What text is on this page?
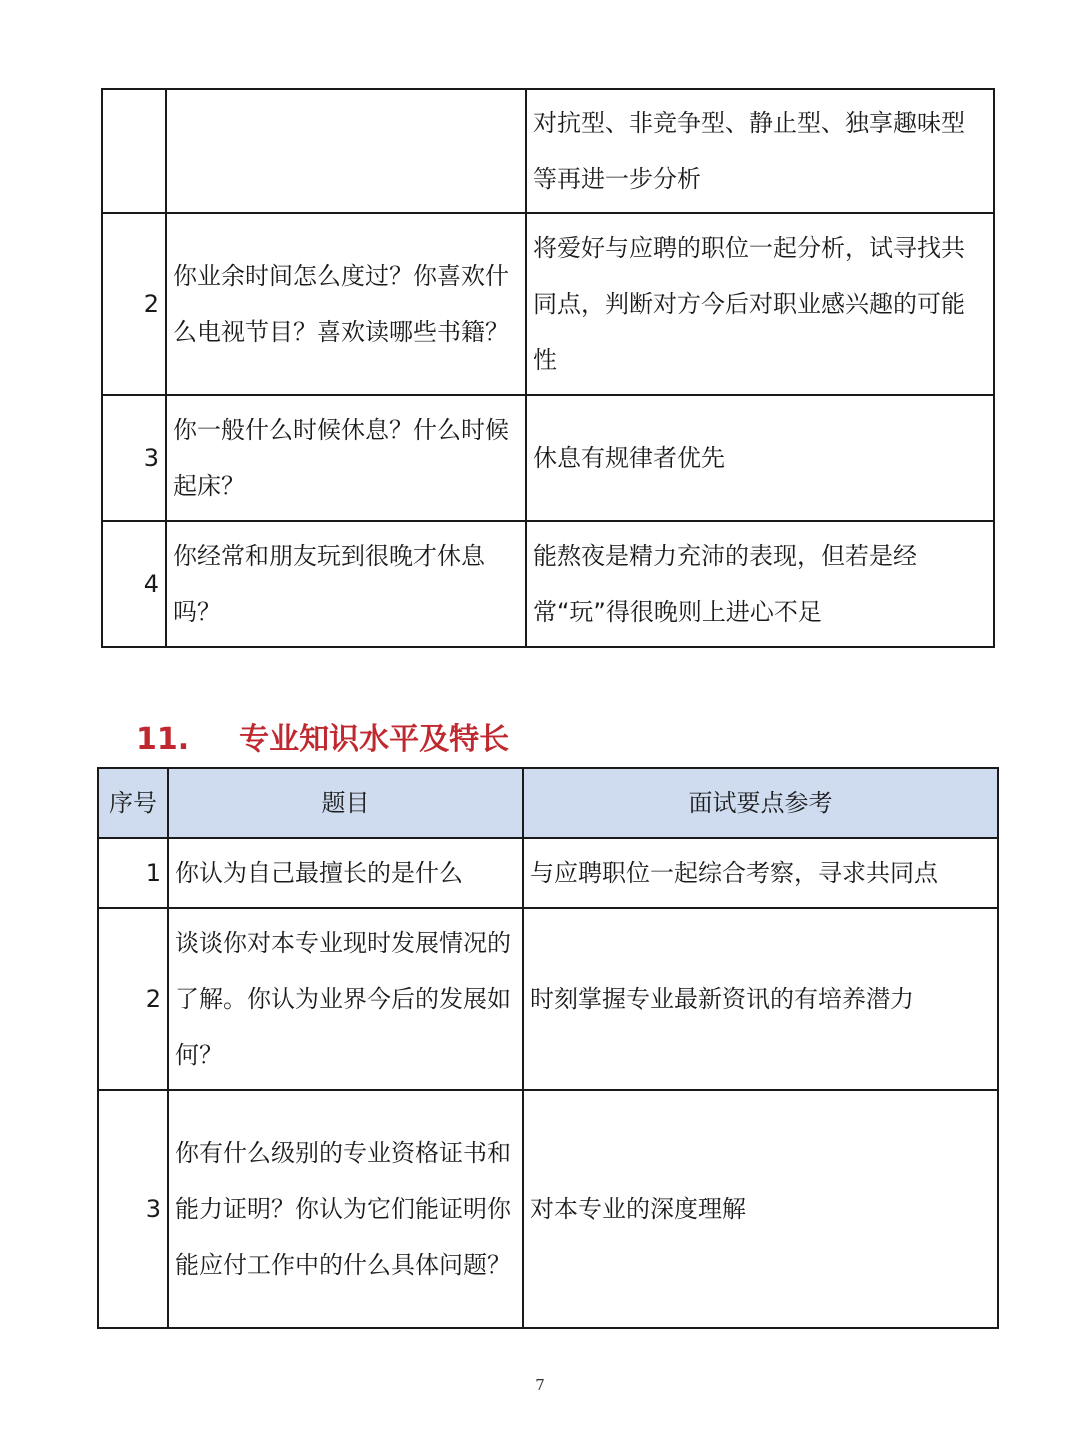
		对抗型、非竞争型、静止型、独享趣味型等再进一步分析
2	你业余时间怎么度过？你喜欢什么电视节目？喜欢读哪些书籍？	将爱好与应聘的职位一起分析，试寻找共同点，判断对方今后对职业感兴趣的可能性
3	你一般什么时候休息？什么时候起床？	休息有规律者优先
4	你经常和朋友玩到很晚才休息吗？	能熬夜是精力充沛的表现，但若是经常“玩”得很晚则上进心不足
11. 专业知识水平及特长
序号	题目	面试要点参考
1	你认为自己最擅长的是什么	与应聘职位一起综合考察，寻求共同点
2	谈谈你对本专业现时发展情况的了解。你认为业界今后的发展如何？	时刻掌握专业最新资讯的有培养潜力
3	你有什么级别的专业资格证书和能力证明？你认为它们能证明你能应付工作中的什么具体问题？	对本专业的深度理解
7
